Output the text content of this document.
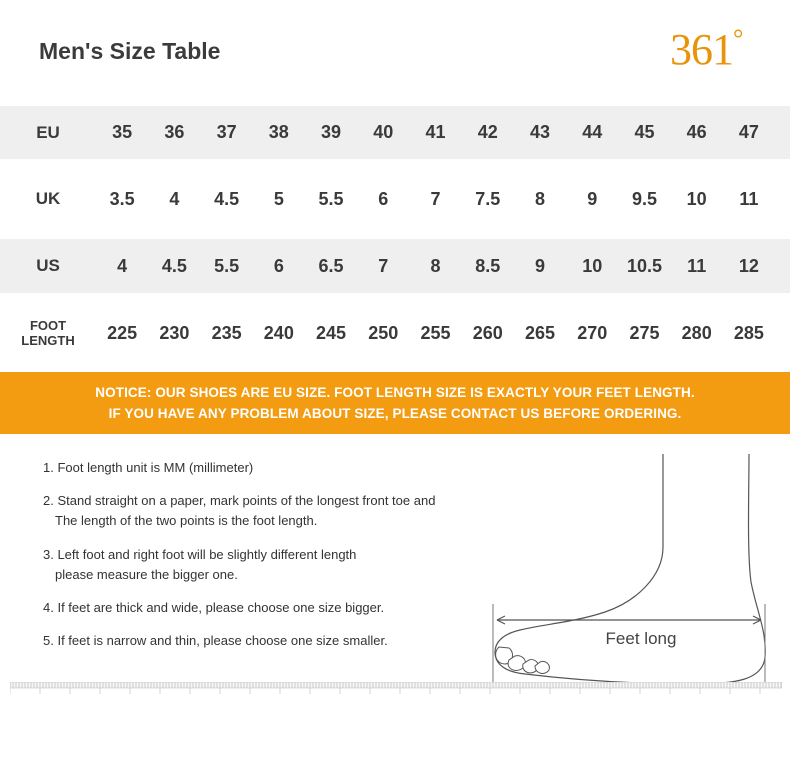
Men's Size Table	361°
EU	35	36	37	38	39	40	41	42	43	44	45	46	47
UK	3.5	4	4.5	5	5.5	6	7	7.5	8	9	9.5	10	11
US	4	4.5	5.5	6	6.5	7	8	8.5	9	10	10.5	11	12
FOOT
LENGTH	225	230	235	240	245	250	255	260	265	270	275	280	285
NOTICE: OUR SHOES ARE EU SIZE. FOOT LENGTH SIZE IS EXACTLY YOUR FEET LENGTH.
IF YOU HAVE ANY PROBLEM ABOUT SIZE, PLEASE CONTACT US BEFORE ORDERING.
1. Foot length unit is MM (millimeter)
2. Stand straight on a paper, mark points of the longest front toe and
The length of the two points is the foot length.
3. Left foot and right foot will be slightly different length
please measure the bigger one.
4. If feet are thick and wide, please choose one size bigger.
5. If feet is narrow and thin, please choose one size smaller.	Feet long
